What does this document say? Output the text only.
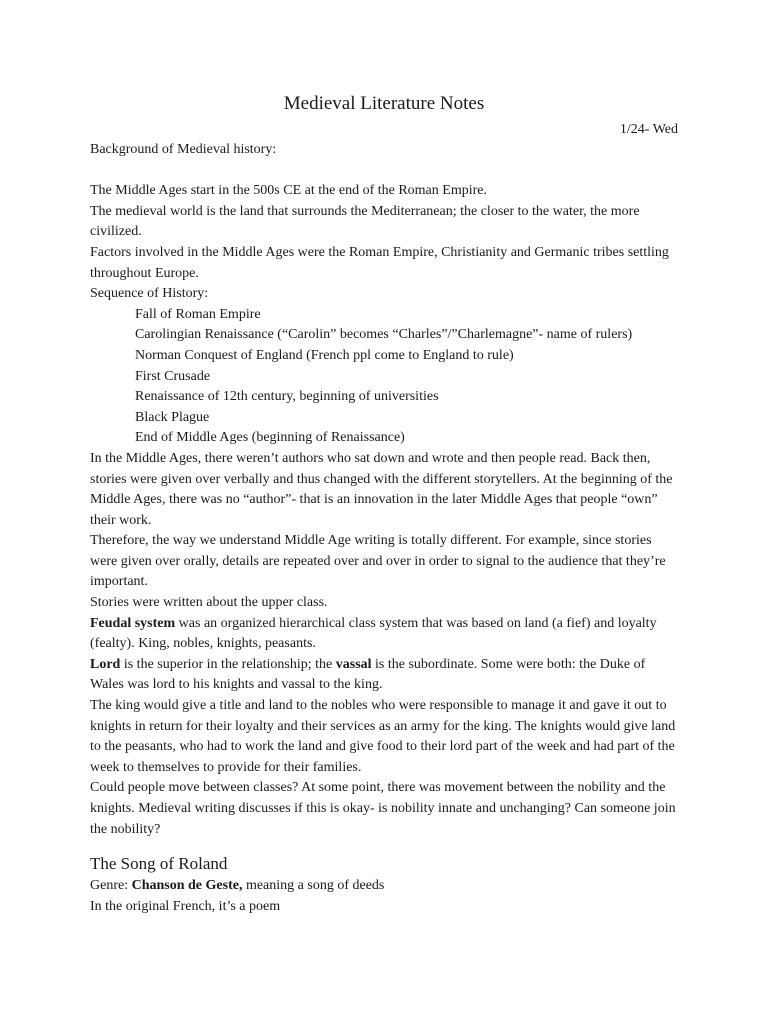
Medieval Literature Notes
1/24- Wed

Background of Medieval history:

The Middle Ages start in the 500s CE at the end of the Roman Empire.

The medieval world is the land that surrounds the Mediterranean; the closer to the water, the more civilized.

Factors involved in the Middle Ages were the Roman Empire, Christianity and Germanic tribes settling throughout Europe.

Sequence of History:

Fall of Roman Empire

Carolingian Renaissance (“Carolin” becomes “Charles”/”Charlemagne”- name of rulers)

Norman Conquest of England (French ppl come to England to rule)

First Crusade

Renaissance of 12th century, beginning of universities

Black Plague

End of Middle Ages (beginning of Renaissance)

In the Middle Ages, there weren’t authors who sat down and wrote and then people read. Back then, stories were given over verbally and thus changed with the different storytellers. At the beginning of the Middle Ages, there was no “author”- that is an innovation in the later Middle Ages that people “own” their work.

Therefore, the way we understand Middle Age writing is totally different. For example, since stories were given over orally, details are repeated over and over in order to signal to the audience that they’re important.

Stories were written about the upper class.

Feudal system was an organized hierarchical class system that was based on land (a fief) and loyalty (fealty). King, nobles, knights, peasants.

Lord is the superior in the relationship; the vassal is the subordinate. Some were both: the Duke of Wales was lord to his knights and vassal to the king.

The king would give a title and land to the nobles who were responsible to manage it and gave it out to knights in return for their loyalty and their services as an army for the king. The knights would give land to the peasants, who had to work the land and give food to their lord part of the week and had part of the week to themselves to provide for their families.

Could people move between classes? At some point, there was movement between the nobility and the knights. Medieval writing discusses if this is okay- is nobility innate and unchanging? Can someone join the nobility?

The Song of Roland

Genre: Chanson de Geste, meaning a song of deeds

In the original French, it’s a poem
